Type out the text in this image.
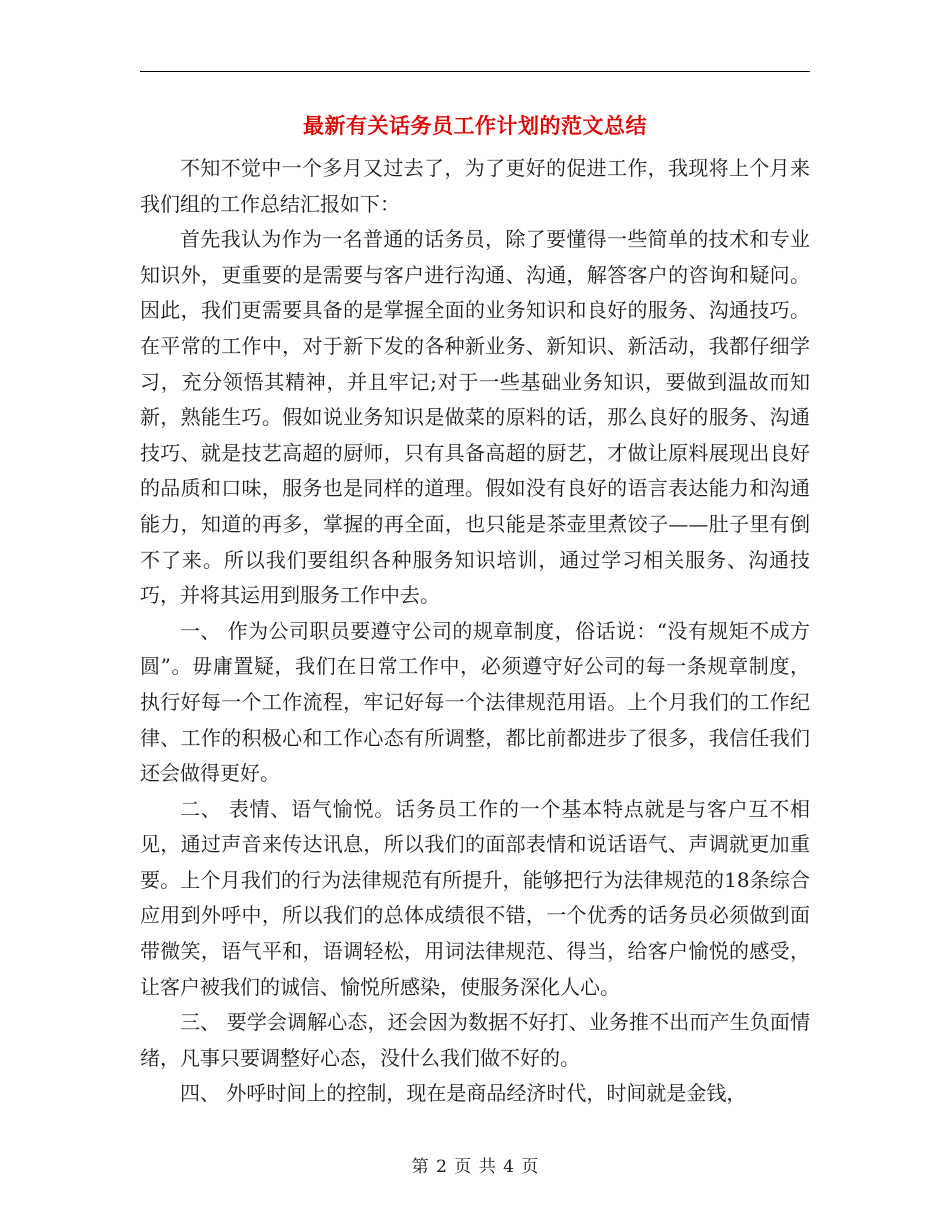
最新有关话务员工作计划的范文总结

不知不觉中一个多月又过去了，为了更好的促进工作，我现将上个月来我们组的工作总结汇报如下：

首先我认为作为一名普通的话务员，除了要懂得一些简单的技术和专业知识外，更重要的是需要与客户进行沟通、沟通，解答客户的咨询和疑问。因此，我们更需要具备的是掌握全面的业务知识和良好的服务、沟通技巧。在平常的工作中，对于新下发的各种新业务、新知识、新活动，我都仔细学习，充分领悟其精神，并且牢记;对于一些基础业务知识，要做到温故而知新，熟能生巧。假如说业务知识是做菜的原料的话，那么良好的服务、沟通技巧、就是技艺高超的厨师，只有具备高超的厨艺，才做让原料展现出良好的品质和口味，服务也是同样的道理。假如没有良好的语言表达能力和沟通能力，知道的再多，掌握的再全面，也只能是茶壶里煮饺子——肚子里有倒不了来。所以我们要组织各种服务知识培训，通过学习相关服务、沟通技巧，并将其运用到服务工作中去。

一、 作为公司职员要遵守公司的规章制度，俗话说：“没有规矩不成方圆”。毋庸置疑，我们在日常工作中，必须遵守好公司的每一条规章制度，执行好每一个工作流程，牢记好每一个法律规范用语。上个月我们的工作纪律、工作的积极心和工作心态有所调整，都比前都进步了很多，我信任我们还会做得更好。

二、 表情、语气愉悦。话务员工作的一个基本特点就是与客户互不相见，通过声音来传达讯息，所以我们的面部表情和说话语气、声调就更加重要。上个月我们的行为法律规范有所提升，能够把行为法律规范的18条综合应用到外呼中，所以我们的总体成绩很不错，一个优秀的话务员必须做到面带微笑，语气平和，语调轻松，用词法律规范、得当，给客户愉悦的感受，让客户被我们的诚信、愉悦所感染，使服务深化人心。

三、 要学会调解心态，还会因为数据不好打、业务推不出而产生负面情绪，凡事只要调整好心态，没什么我们做不好的。

四、 外呼时间上的控制，现在是商品经济时代，时间就是金钱，

第 2 页 共 4 页
